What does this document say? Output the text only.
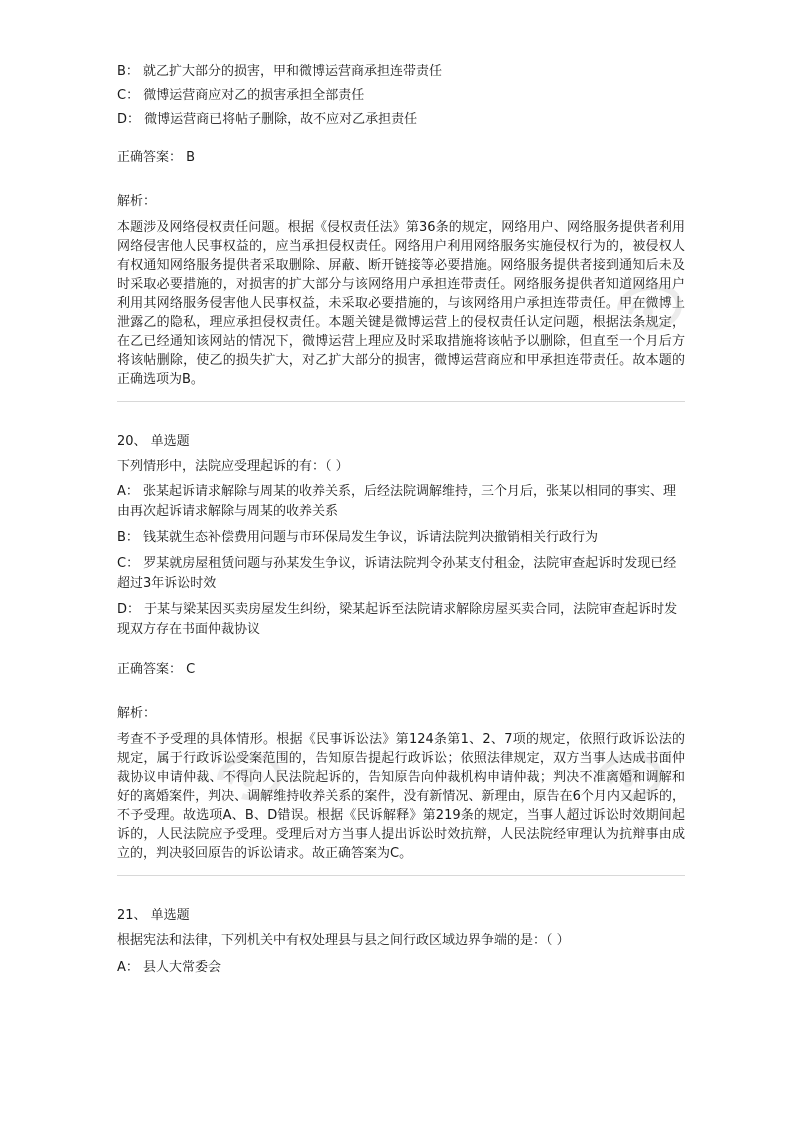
B： 就乙扩大部分的损害，甲和微博运营商承担连带责任

C： 微博运营商应对乙的损害承担全部责任

D： 微博运营商已将帖子删除，故不应对乙承担责任

正确答案： B

解析：

本题涉及网络侵权责任问题。根据《侵权责任法》第36条的规定，网络用户、网络服务提供者利用网络侵害他人民事权益的，应当承担侵权责任。网络用户利用网络服务实施侵权行为的，被侵权人有权通知网络服务提供者采取删除、屏蔽、断开链接等必要措施。网络服务提供者接到通知后未及时采取必要措施的，对损害的扩大部分与该网络用户承担连带责任。网络服务提供者知道网络用户利用其网络服务侵害他人民事权益，未采取必要措施的，与该网络用户承担连带责任。甲在微博上泄露乙的隐私，理应承担侵权责任。本题关键是微博运营上的侵权责任认定问题，根据法条规定，在乙已经通知该网站的情况下，微博运营上理应及时采取措施将该帖予以删除，但直至一个月后方将该帖删除，使乙的损失扩大，对乙扩大部分的损害，微博运营商应和甲承担连带责任。故本题的正确选项为B。

20、 单选题

下列情形中，法院应受理起诉的有：（ ）

A： 张某起诉请求解除与周某的收养关系，后经法院调解维持，三个月后，张某以相同的事实、理由再次起诉请求解除与周某的收养关系

B： 钱某就生态补偿费用问题与市环保局发生争议，诉请法院判决撤销相关行政行为

C： 罗某就房屋租赁问题与孙某发生争议，诉请法院判令孙某支付租金，法院审查起诉时发现已经超过3年诉讼时效

D： 于某与梁某因买卖房屋发生纠纷，梁某起诉至法院请求解除房屋买卖合同，法院审查起诉时发现双方存在书面仲裁协议

正确答案： C

解析：

考查不予受理的具体情形。根据《民事诉讼法》第124条第1、2、7项的规定，依照行政诉讼法的规定，属于行政诉讼受案范围的，告知原告提起行政诉讼；依照法律规定，双方当事人达成书面仲裁协议申请仲裁、不得向人民法院起诉的，告知原告向仲裁机构申请仲裁；判决不准离婚和调解和好的离婚案件，判决、调解维持收养关系的案件，没有新情况、新理由，原告在6个月内又起诉的，不予受理。故选项A、B、D错误。根据《民诉解释》第219条的规定，当事人超过诉讼时效期间起诉的，人民法院应予受理。受理后对方当事人提出诉讼时效抗辩，人民法院经审理认为抗辩事由成立的，判决驳回原告的诉讼请求。故正确答案为C。

21、 单选题

根据宪法和法律，下列机关中有权处理县与县之间行政区域边界争端的是：（ ）

A： 县人大常委会
